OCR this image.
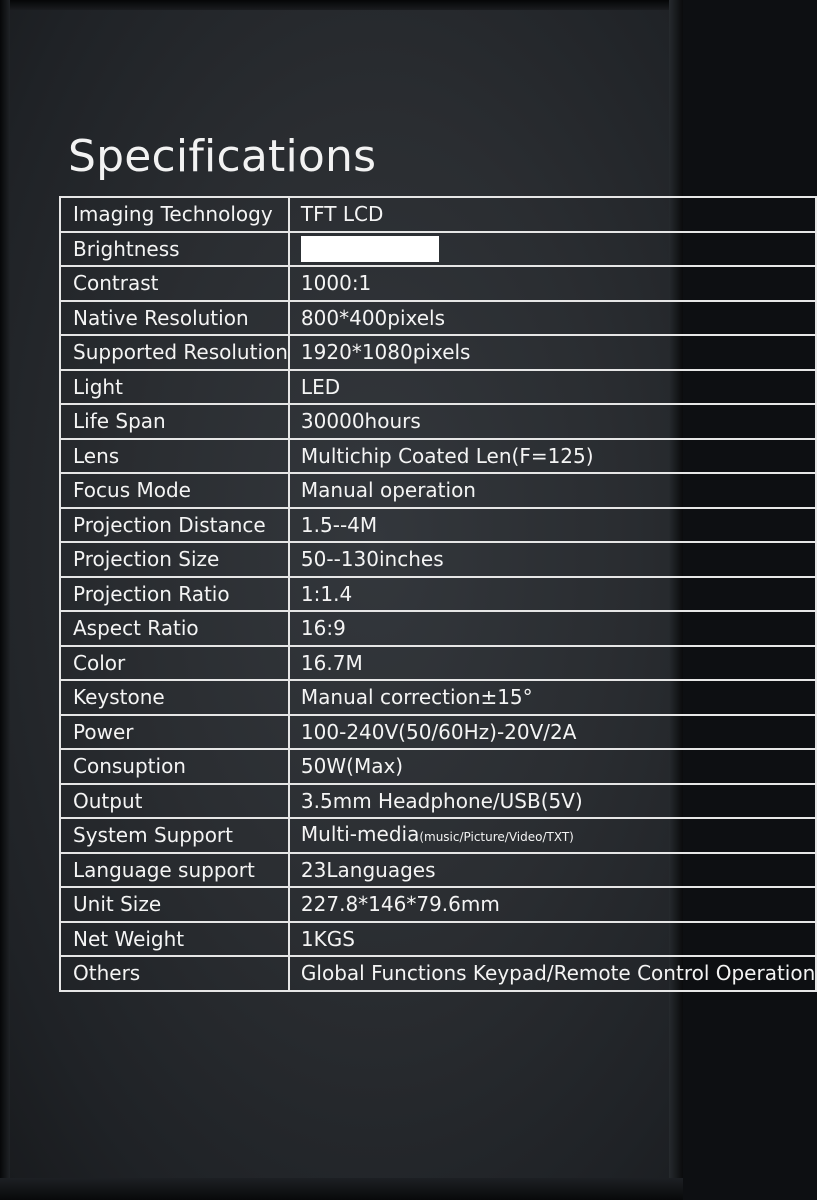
Specifications
Imaging Technology	TFT LCD
Brightness	
Contrast	1000:1
Native Resolution	800*400pixels
Supported Resolution	1920*1080pixels
Light	LED
Life Span	30000hours
Lens	Multichip Coated Len(F=125)
Focus Mode	Manual operation
Projection Distance	1.5--4M
Projection Size	50--130inches
Projection Ratio	1:1.4
Aspect Ratio	16:9
Color	16.7M
Keystone	Manual correction±15°
Power	100-240V(50/60Hz)-20V/2A
Consuption	50W(Max)
Output	3.5mm Headphone/USB(5V)
System Support	Multi-media(music/Picture/Video/TXT)
Language support	23Languages
Unit Size	227.8*146*79.6mm
Net Weight	1KGS
Others	Global Functions Keypad/Remote Control Operation
